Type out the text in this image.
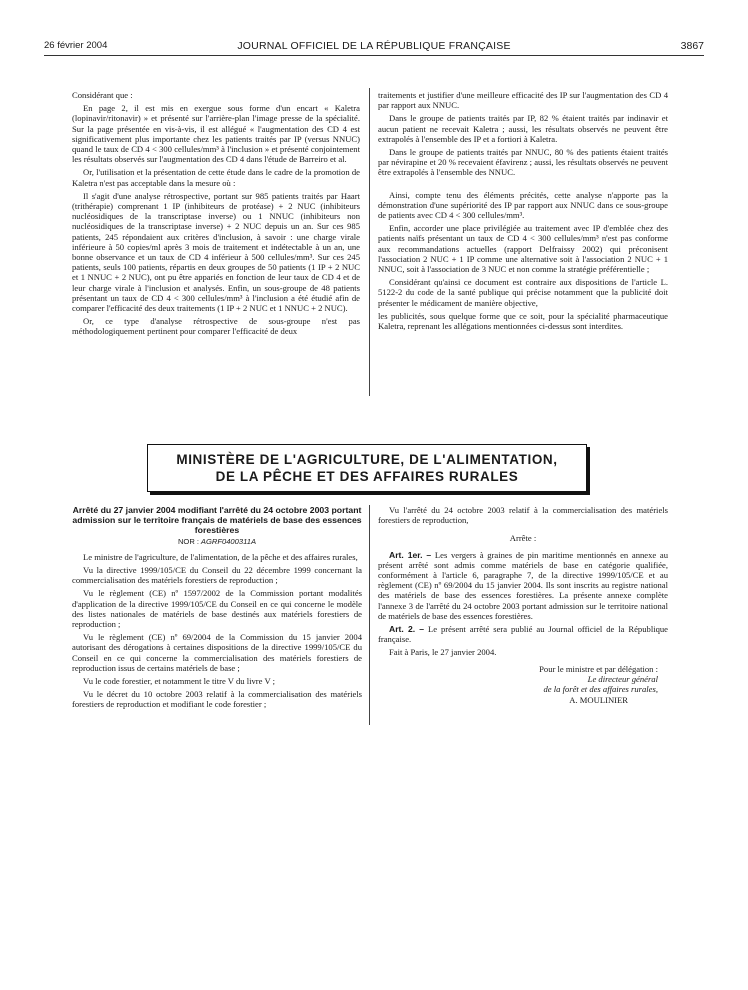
26 février 2004	JOURNAL OFFICIEL DE LA RÉPUBLIQUE FRANÇAISE	3867

Considérant que :

En page 2, il est mis en exergue sous forme d'un encart « Kaletra (lopinavir/ritonavir) » et présenté sur l'arrière-plan l'image presse de la spécialité. Sur la page présentée en vis-à-vis, il est allégué « l'augmentation des CD 4 est significativement plus importante chez les patients traités par IP (versus NNUC) quand le taux de CD 4 < 300 cellules/mm³ à l'inclusion » et présenté conjointement les résultats observés sur l'augmentation des CD 4 dans l'étude de Barreiro et al.

Or, l'utilisation et la présentation de cette étude dans le cadre de la promotion de Kaletra n'est pas acceptable dans la mesure où :

Il s'agit d'une analyse rétrospective, portant sur 985 patients traités par Haart (trithérapie) comprenant 1 IP (inhibiteurs de protéase) + 2 NUC (inhibiteurs nucléosidiques de la transcriptase inverse) ou 1 NNUC (inhibiteurs non nucléosidiques de la transcriptase inverse) + 2 NUC depuis un an. Sur ces 985 patients, 245 répondaient aux critères d'inclusion, à savoir : une charge virale inférieure à 50 copies/ml après 3 mois de traitement et indétectable à un an, une bonne observance et un taux de CD 4 inférieur à 500 cellules/mm³. Sur ces 245 patients, seuls 100 patients, répartis en deux groupes de 50 patients (1 IP + 2 NUC et 1 NNUC + 2 NUC), ont pu être appariés en fonction de leur taux de CD 4 et de leur charge virale à l'inclusion et analysés. Enfin, un sous-groupe de 48 patients présentant un taux de CD 4 < 300 cellules/mm³ à l'inclusion a été étudié afin de comparer l'efficacité des deux traitements (1 IP + 2 NUC et 1 NNUC + 2 NUC).

Or, ce type d'analyse rétrospective de sous-groupe n'est pas méthodologiquement pertinent pour comparer l'efficacité de deux

traitements et justifier d'une meilleure efficacité des IP sur l'augmentation des CD 4 par rapport aux NNUC.

Dans le groupe de patients traités par IP, 82 % étaient traités par indinavir et aucun patient ne recevait Kaletra ; aussi, les résultats observés ne peuvent être extrapolés à l'ensemble des IP et a fortiori à Kaletra.

Dans le groupe de patients traités par NNUC, 80 % des patients étaient traités par névirapine et 20 % recevaient éfavirenz ; aussi, les résultats observés ne peuvent être extrapolés à l'ensemble des NNUC.

Ainsi, compte tenu des éléments précités, cette analyse n'apporte pas la démonstration d'une supériorité des IP par rapport aux NNUC dans ce sous-groupe de patients avec CD 4 < 300 cellules/mm³.

Enfin, accorder une place privilégiée au traitement avec IP d'emblée chez des patients naïfs présentant un taux de CD 4 < 300 cellules/mm³ n'est pas conforme aux recommandations actuelles (rapport Delfraissy 2002) qui préconisent l'association 2 NUC + 1 IP comme une alternative soit à l'association 2 NUC + 1 NNUC, soit à l'association de 3 NUC et non comme la stratégie préférentielle ;

Considérant qu'ainsi ce document est contraire aux dispositions de l'article L. 5122-2 du code de la santé publique qui précise notamment que la publicité doit présenter le médicament de manière objective,

les publicités, sous quelque forme que ce soit, pour la spécialité pharmaceutique Kaletra, reprenant les allégations mentionnées ci-dessus sont interdites.

MINISTÈRE DE L'AGRICULTURE, DE L'ALIMENTATION,
DE LA PÊCHE ET DES AFFAIRES RURALES
Arrêté du 27 janvier 2004 modifiant l'arrêté du 24 octobre 2003 portant admission sur le territoire français de matériels de base des essences forestières
NOR : AGRF0400311A

Le ministre de l'agriculture, de l'alimentation, de la pêche et des affaires rurales,

Vu la directive 1999/105/CE du Conseil du 22 décembre 1999 concernant la commercialisation des matériels forestiers de reproduction ;

Vu le règlement (CE) nº 1597/2002 de la Commission portant modalités d'application de la directive 1999/105/CE du Conseil en ce qui concerne le modèle des listes nationales de matériels de base destinés aux matériels forestiers de reproduction ;

Vu le règlement (CE) nº 69/2004 de la Commission du 15 janvier 2004 autorisant des dérogations à certaines dispositions de la directive 1999/105/CE du Conseil en ce qui concerne la commercialisation des matériels forestiers de reproduction issus de certains matériels de base ;

Vu le code forestier, et notamment le titre V du livre V ;

Vu le décret du 10 octobre 2003 relatif à la commercialisation des matériels forestiers de reproduction et modifiant le code forestier ;

Vu l'arrêté du 24 octobre 2003 relatif à la commercialisation des matériels forestiers de reproduction,

Arrête :

Art. 1er. – Les vergers à graines de pin maritime mentionnés en annexe au présent arrêté sont admis comme matériels de base en catégorie qualifiée, conformément à l'article 6, paragraphe 7, de la directive 1999/105/CE et au règlement (CE) nº 69/2004 du 15 janvier 2004. Ils sont inscrits au registre national des matériels de base des essences forestières. La présente annexe complète l'annexe 3 de l'arrêté du 24 octobre 2003 portant admission sur le territoire national de matériels de base des essences forestières.

Art. 2. – Le présent arrêté sera publié au Journal officiel de la République française.

Fait à Paris, le 27 janvier 2004.

Pour le ministre et par délégation :

Le directeur général

de la forêt et des affaires rurales,

A. MOULINIER
